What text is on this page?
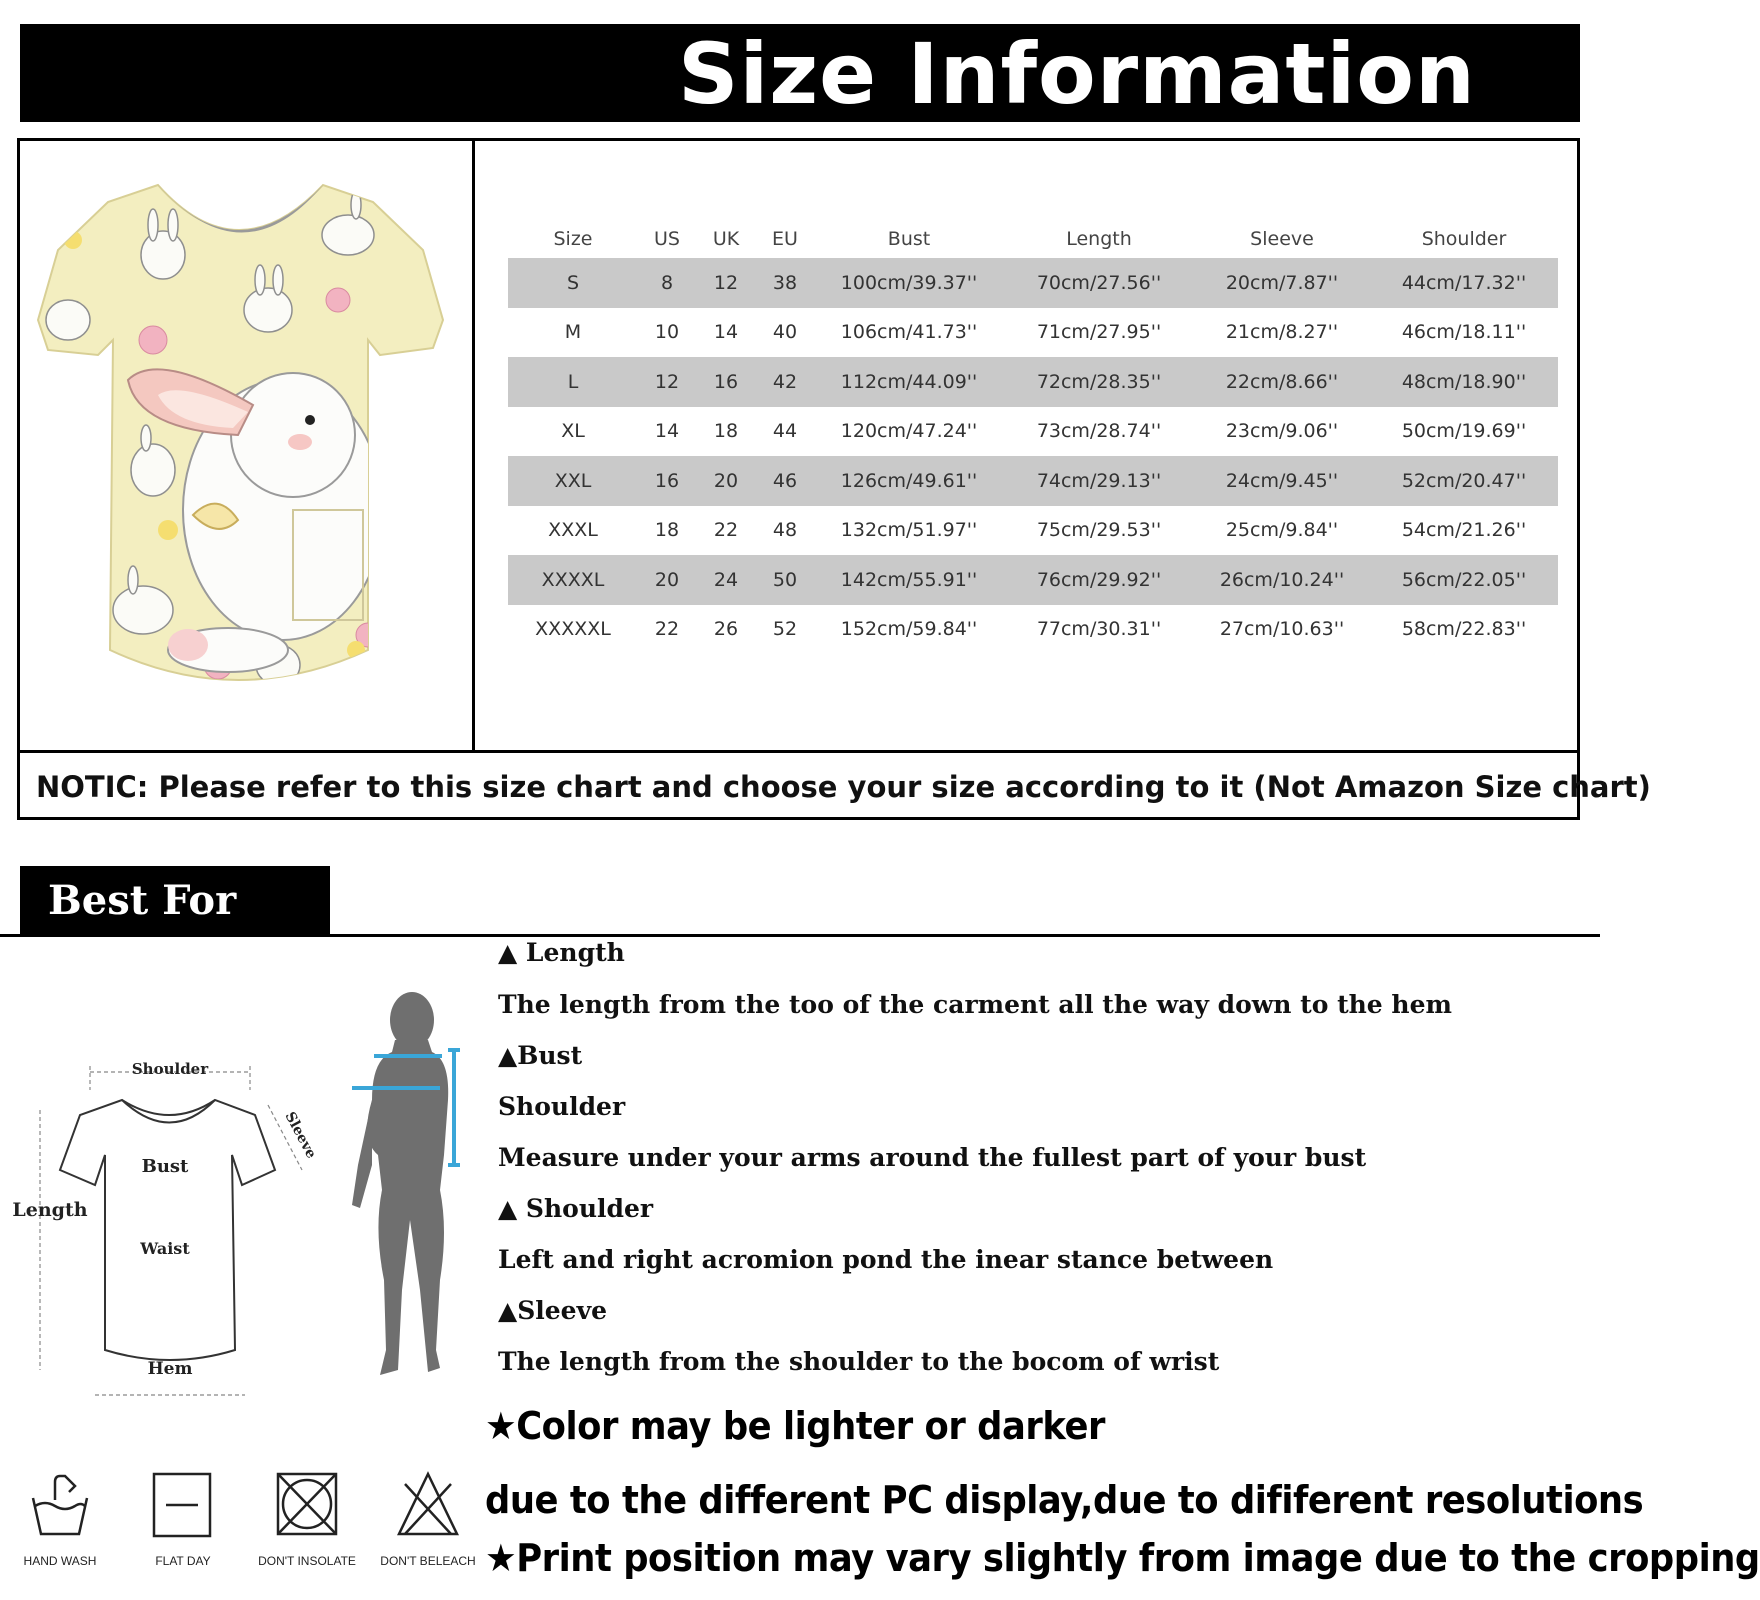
Size Information
Size	US	UK	EU	Bust	Length	Sleeve	Shoulder
S	8	12	38	100cm/39.37''	70cm/27.56''	20cm/7.87''	44cm/17.32''
M	10	14	40	106cm/41.73''	71cm/27.95''	21cm/8.27''	46cm/18.11''
L	12	16	42	112cm/44.09''	72cm/28.35''	22cm/8.66''	48cm/18.90''
XL	14	18	44	120cm/47.24''	73cm/28.74''	23cm/9.06''	50cm/19.69''
XXL	16	20	46	126cm/49.61''	74cm/29.13''	24cm/9.45''	52cm/20.47''
XXXL	18	22	48	132cm/51.97''	75cm/29.53''	25cm/9.84''	54cm/21.26''
XXXXL	20	24	50	142cm/55.91''	76cm/29.92''	26cm/10.24''	56cm/22.05''
XXXXXL	22	26	52	152cm/59.84''	77cm/30.31''	27cm/10.63''	58cm/22.83''
NOTIC: Please refer to this size chart and choose your size according to it (Not Amazon Size chart)
Best For You
Shoulder
Sleeve
Bust
Length
Waist
Hem
▲ Length
The length from the too of the carment all the way down to the hem
▲Bust
Shoulder
Measure under your arms around the fullest part of your bust
▲ Shoulder
Left and right acromion pond the inear stance between
▲Sleeve
The length from the shoulder to the bocom of wrist
★Color may be lighter or darker
due to the different PC display,due to dififerent resolutions
★Print position may vary slightly from image due to the cropping
HAND WASH	FLAT DAY	DON'T INSOLATE	DON'T BELEACH
